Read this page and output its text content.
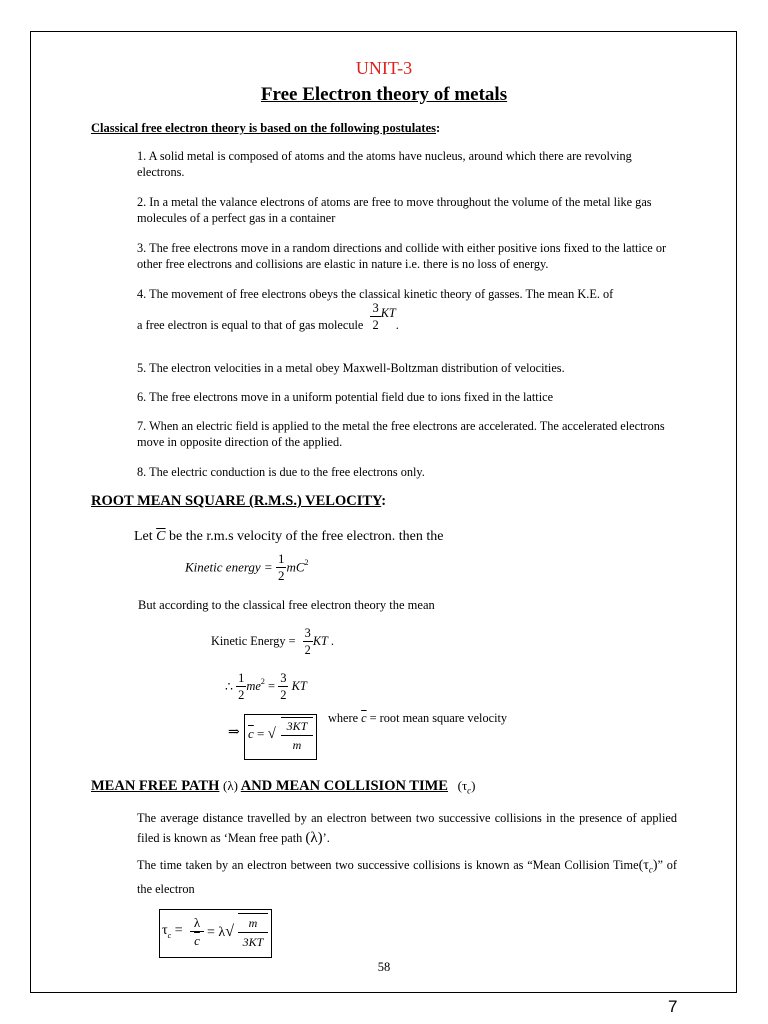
UNIT-3
Free Electron theory of metals
Classical free electron theory is based on the following postulates:
1. A solid metal is composed of atoms and the atoms have nucleus, around which there are revolving electrons.
2. In a metal the valance electrons of atoms are free to move throughout the volume of the metal like gas molecules of a perfect gas in a container
3. The free electrons move in a random directions and collide with either positive ions fixed to the lattice or other free electrons and collisions are elastic in nature i.e. there is no loss of energy.
4. The movement of free electrons obeys the classical kinetic theory of gasses. The mean K.E. of
a free electron is equal to that of gas molecule $\frac{3}{2}$ KT.
5. The electron velocities in a metal obey Maxwell-Boltzman distribution of velocities.
6. The free electrons move in a uniform potential field due to ions fixed in the lattice
7. When an electric field is applied to the metal the free electrons are accelerated. The accelerated electrons move in opposite direction of the applied.
8. The electric conduction is due to the free electrons only.
ROOT MEAN SQUARE (R.M.S.) VELOCITY:
Let $\overline{C}$ be the r.m.s velocity of the free electron. then the
Kinetic energy = $\frac{1}{2} mC^2$
But according to the classical free electron theory the mean
Kinetic Energy = $\frac{3}{2}$ KT .
∴ $\frac{1}{2} me^2 = \frac{3}{2}$ KT
⇒ $\overline{c}$ = √ 3KT
m
where $\overline{c}$ = root mean square velocity
MEAN FREE PATH (λ) AND MEAN COLLISION TIME $(\tau_c)$
The average distance travelled by an electron between two successive collisions in the presence of applied filed is known as ‘Mean free path (λ)’.
The time taken by an electron between two successive collisions is known as “Mean Collision $Time(\tau_c)$” of the electron
$\tau_c = \frac{\lambda}{c} = \lambda√$	m
3KT
58
7
